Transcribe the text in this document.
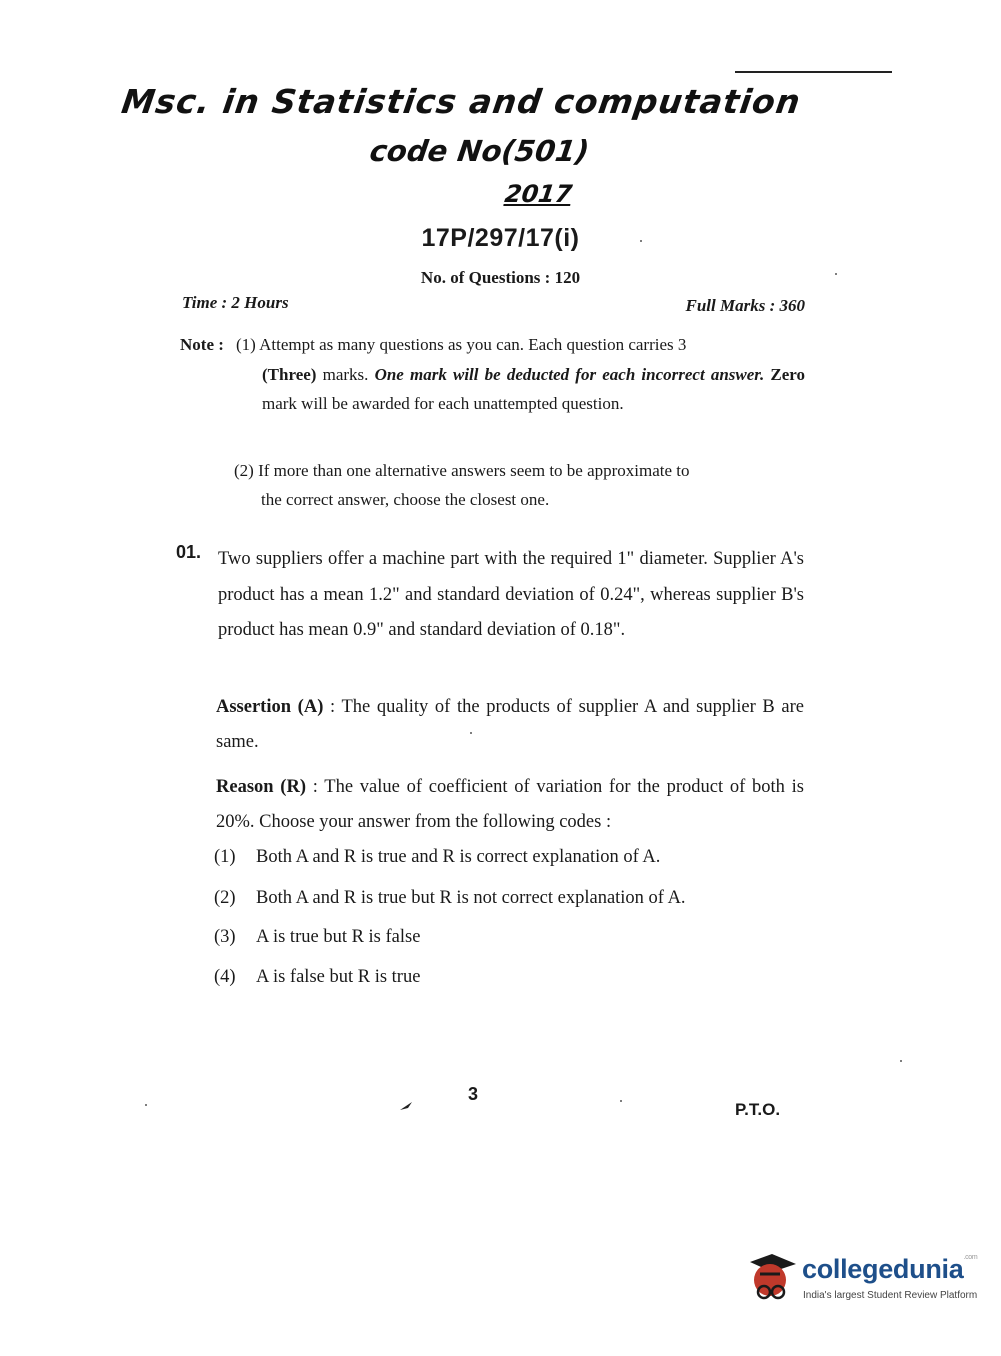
Msc. in Statistics and computation
code No(501)
2017
17P/297/17(i)
No. of Questions : 120
Time : 2 Hours	Full Marks : 360
Note : (1) Attempt as many questions as you can. Each question carries 3
(Three) marks. One mark will be deducted for each incorrect answer. Zero mark will be awarded for each unattempted question.
(2) If more than one alternative answers seem to be approximate to
the correct answer, choose the closest one.
01. Two suppliers offer a machine part with the required 1" diameter. Supplier A's product has a mean 1.2" and standard deviation of 0.24", whereas supplier B's product has mean 0.9" and standard deviation of 0.18".
Assertion (A) : The quality of the products of supplier A and supplier B are same.
Reason (R) : The value of coefficient of variation for the product of both is 20%. Choose your answer from the following codes :
(1) Both A and R is true and R is correct explanation of A.
(2) Both A and R is true but R is not correct explanation of A.
(3) A is true but R is false
(4) A is false but R is true
3
P.T.O.
collegedunia$^{.com}$
India's largest Student Review Platform
